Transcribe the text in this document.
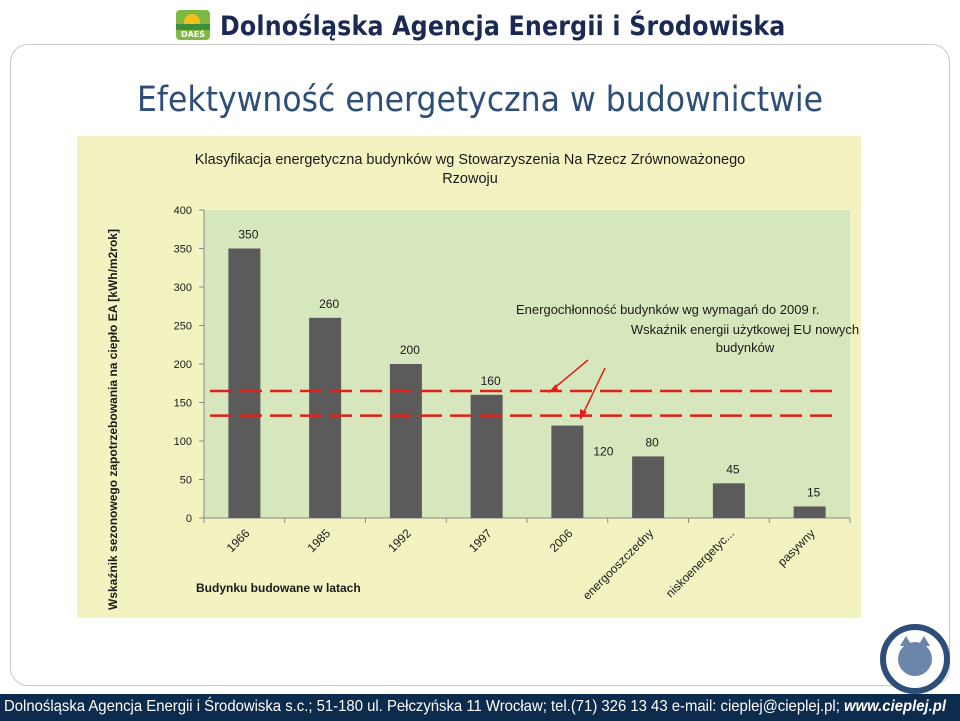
DAEŚ Dolnośląska Agencja Energii i Środowiska
Efektywność energetyczna w budownictwie
0
50
100
150
200
250
300
350
400
350
260
200
160
120
80
45
15
1966	1985	1992	1997	2006 energooszczedny niskoenergetyc...	pasywny
Klasyfikacja energetyczna budynków wg Stowarzyszenia Na Rzecz Zrównoważonego Rzowoju
Wskaźnik sezonowego zapotrzebowania na ciepło EA [kWh/m2rok]	Budynku budowane w latach
Energochłonność budynków wg wymagań do 2009 r.
Wskaźnik energii użytkowej EU nowych budynków
Dolnośląska Agencja Energii i Środowiska s.c.; 51-180 ul. Pełczyńska 11 Wrocław; tel.(71) 326 13 43 e-mail: cieplej@cieplej.pl; www.cieplej.pl
